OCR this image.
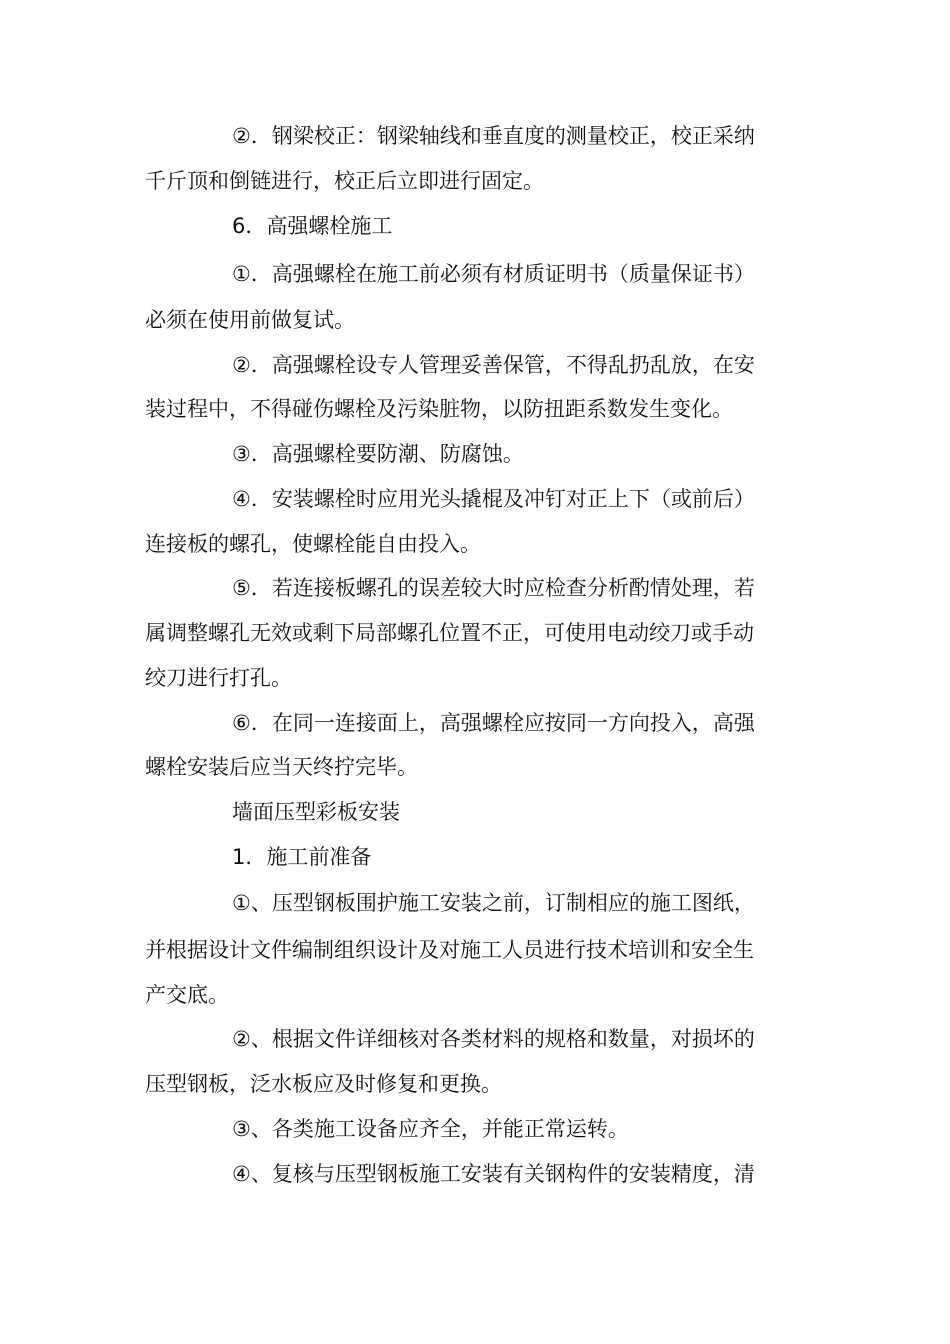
②．钢梁校正：钢梁轴线和垂直度的测量校正，校正采纳
千斤顶和倒链进行，校正后立即进行固定。
6．高强螺栓施工
①．高强螺栓在施工前必须有材质证明书（质量保证书）
必须在使用前做复试。
②．高强螺栓设专人管理妥善保管，不得乱扔乱放，在安
装过程中，不得碰伤螺栓及污染脏物，以防扭距系数发生变化。
③．高强螺栓要防潮、防腐蚀。
④．安装螺栓时应用光头撬棍及冲钉对正上下（或前后）
连接板的螺孔，使螺栓能自由投入。
⑤．若连接板螺孔的误差较大时应检查分析酌情处理，若
属调整螺孔无效或剩下局部螺孔位置不正，可使用电动绞刀或手动
绞刀进行打孔。
⑥．在同一连接面上，高强螺栓应按同一方向投入，高强
螺栓安装后应当天终拧完毕。
墙面压型彩板安装
1．施工前准备
①、压型钢板围护施工安装之前，订制相应的施工图纸，
并根据设计文件编制组织设计及对施工人员进行技术培训和安全生
产交底。
②、根据文件详细核对各类材料的规格和数量，对损坏的
压型钢板，泛水板应及时修复和更换。
③、各类施工设备应齐全，并能正常运转。
④、复核与压型钢板施工安装有关钢构件的安装精度，清
